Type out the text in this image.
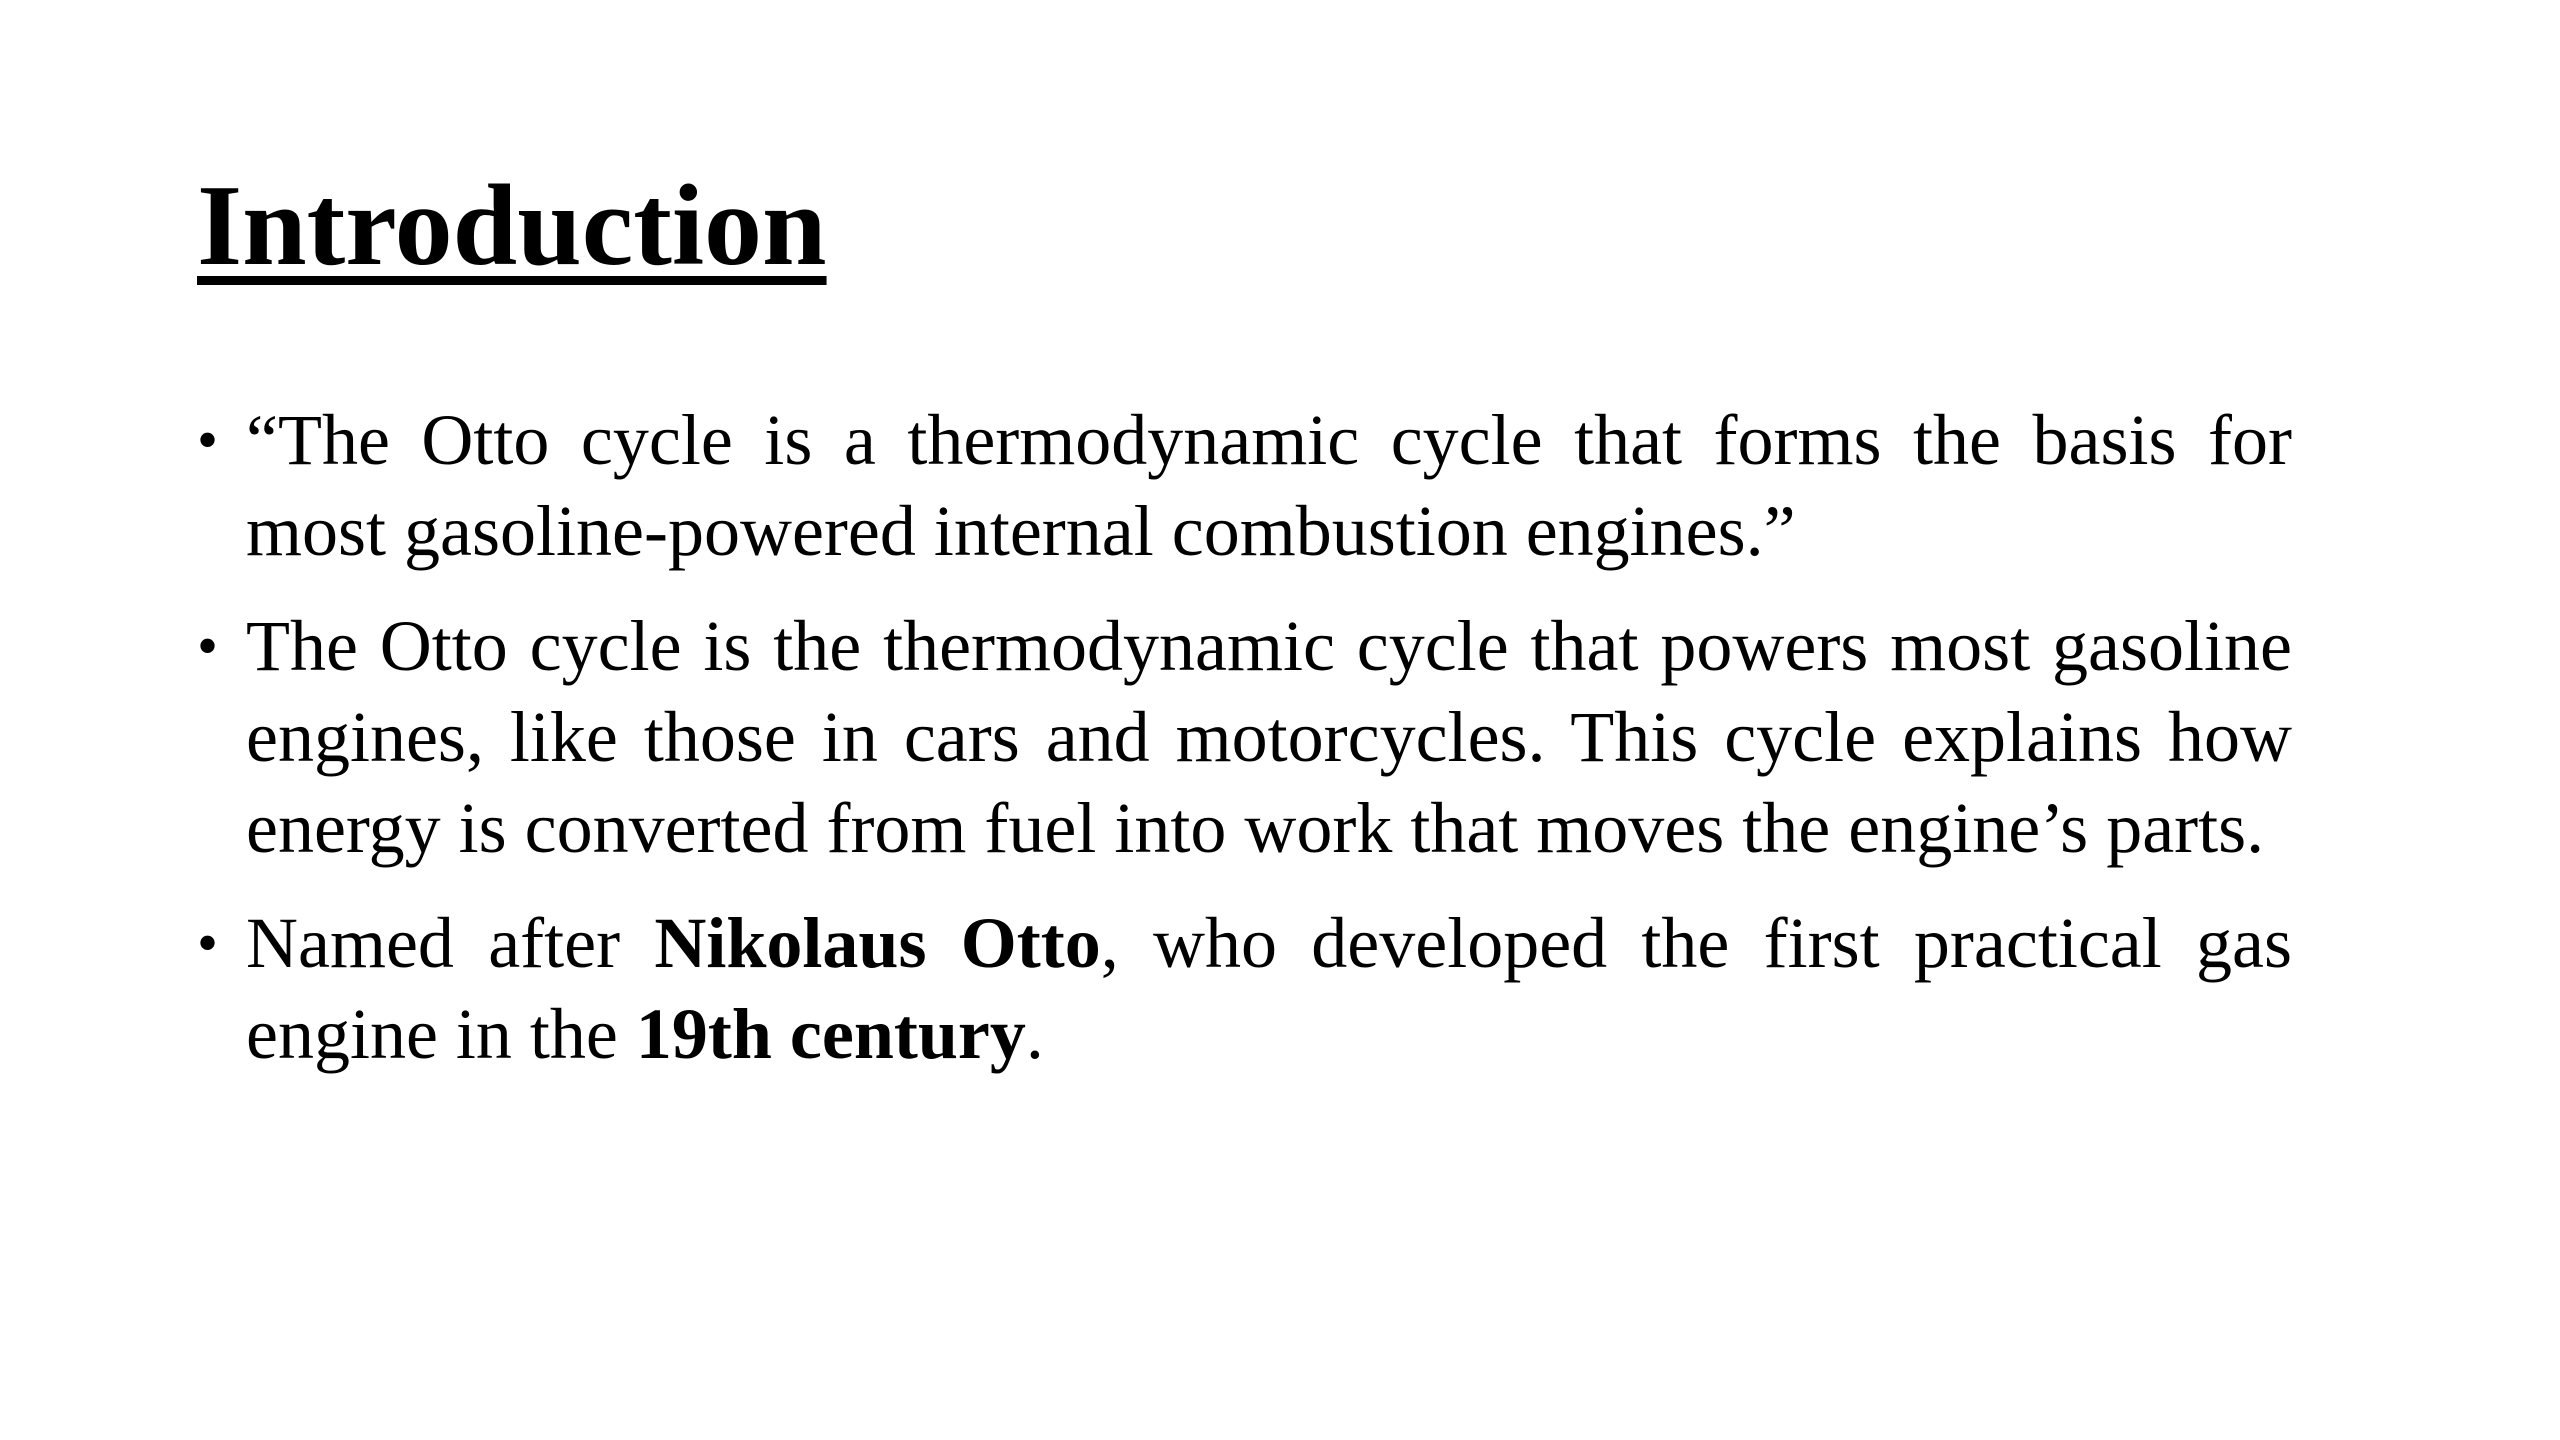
Introduction
• “The Otto cycle is a thermodynamic cycle that forms the basis for most gasoline-powered internal combustion engines.”
• The Otto cycle is the thermodynamic cycle that powers most gasoline engines, like those in cars and motorcycles. This cycle explains how energy is converted from fuel into work that moves the engine’s parts.
• Named after Nikolaus Otto, who developed the first practical gas engine in the 19th century.
